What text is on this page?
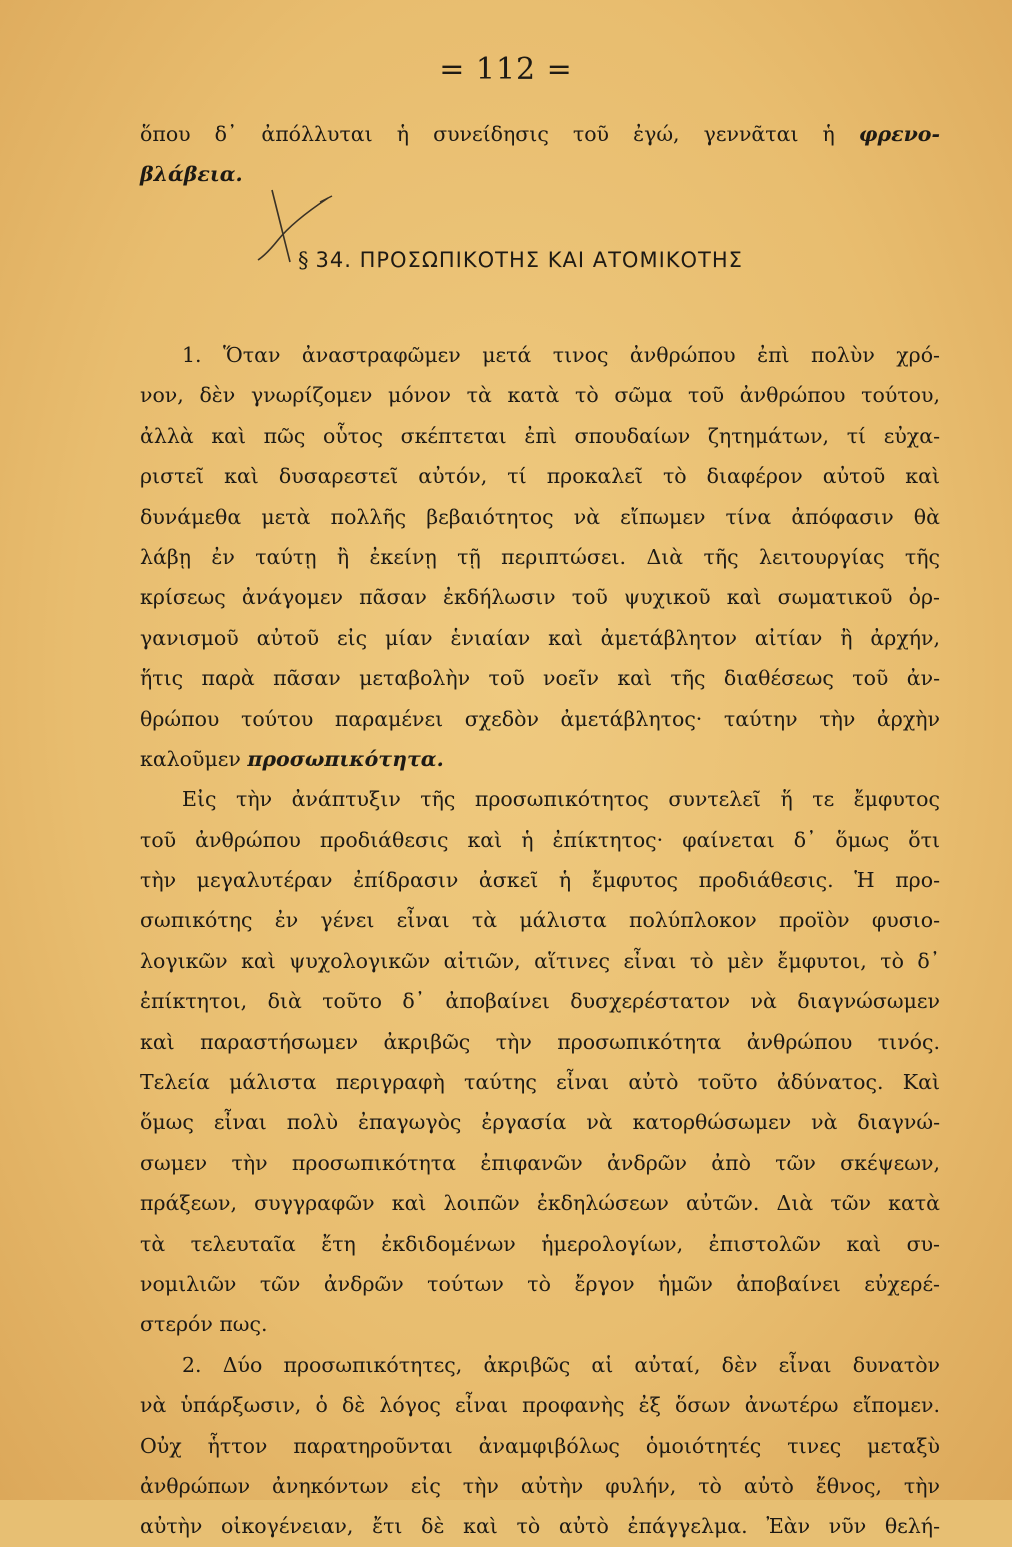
= 112 =
ὅπου δ᾽ ἀπόλλυται ἡ συνείδησις τοῦ ἐγώ, γεννᾶται ἡ φρενο-
βλάβεια.
§ 34. ΠΡΟΣΩΠΙΚΟΤΗΣ ΚΑΙ ΑΤΟΜΙΚΟΤΗΣ
1. Ὅταν ἀναστραφῶμεν μετά τινος ἀνθρώπου ἐπὶ πολὺν χρό-
νον, δὲν γνωρίζομεν μόνον τὰ κατὰ τὸ σῶμα τοῦ ἀνθρώπου τούτου,
ἀλλὰ καὶ πῶς οὗτος σκέπτεται ἐπὶ σπουδαίων ζητημάτων, τί εὐχα-
ριστεῖ καὶ δυσαρεστεῖ αὐτόν, τί προκαλεῖ τὸ διαφέρον αὐτοῦ καὶ
δυνάμεθα μετὰ πολλῆς βεβαιότητος νὰ εἴπωμεν τίνα ἀπόφασιν θὰ
λάβῃ ἐν ταύτῃ ἢ ἐκείνῃ τῇ περιπτώσει. Διὰ τῆς λειτουργίας τῆς
κρίσεως ἀνάγομεν πᾶσαν ἐκδήλωσιν τοῦ ψυχικοῦ καὶ σωματικοῦ ὀρ-
γανισμοῦ αὐτοῦ εἰς μίαν ἑνιαίαν καὶ ἀμετάβλητον αἰτίαν ἢ ἀρχήν,
ἥτις παρὰ πᾶσαν μεταβολὴν τοῦ νοεῖν καὶ τῆς διαθέσεως τοῦ ἀν-
θρώπου τούτου παραμένει σχεδὸν ἀμετάβλητος· ταύτην τὴν ἀρχὴν
καλοῦμεν προσωπικότητα.
Εἰς τὴν ἀνάπτυξιν τῆς προσωπικότητος συντελεῖ ἥ τε ἔμφυτος
τοῦ ἀνθρώπου προδιάθεσις καὶ ἡ ἐπίκτητος· φαίνεται δ᾽ ὅμως ὅτι
τὴν μεγαλυτέραν ἐπίδρασιν ἀσκεῖ ἡ ἔμφυτος προδιάθεσις. Ἡ προ-
σωπικότης ἐν γένει εἶναι τὰ μάλιστα πολύπλοκον προϊὸν φυσιο-
λογικῶν καὶ ψυχολογικῶν αἰτιῶν, αἵτινες εἶναι τὸ μὲν ἔμφυτοι, τὸ δ᾽
ἐπίκτητοι, διὰ τοῦτο δ᾽ ἀποβαίνει δυσχερέστατον νὰ διαγνώσωμεν
καὶ παραστήσωμεν ἀκριβῶς τὴν προσωπικότητα ἀνθρώπου τινός.
Τελεία μάλιστα περιγραφὴ ταύτης εἶναι αὐτὸ τοῦτο ἀδύνατος. Καὶ
ὅμως εἶναι πολὺ ἐπαγωγὸς ἐργασία νὰ κατορθώσωμεν νὰ διαγνώ-
σωμεν τὴν προσωπικότητα ἐπιφανῶν ἀνδρῶν ἀπὸ τῶν σκέψεων,
πράξεων, συγγραφῶν καὶ λοιπῶν ἐκδηλώσεων αὐτῶν. Διὰ τῶν κατὰ
τὰ τελευταῖα ἔτη ἐκδιδομένων ἡμερολογίων, ἐπιστολῶν καὶ συ-
νομιλιῶν τῶν ἀνδρῶν τούτων τὸ ἔργον ἡμῶν ἀποβαίνει εὐχερέ-
στερόν πως.
2. Δύο προσωπικότητες, ἀκριβῶς αἱ αὐταί, δὲν εἶναι δυνατὸν
νὰ ὑπάρξωσιν, ὁ δὲ λόγος εἶναι προφανὴς ἐξ ὅσων ἀνωτέρω εἴπομεν.
Οὐχ ἧττον παρατηροῦνται ἀναμφιβόλως ὁμοιότητές τινες μεταξὺ
ἀνθρώπων ἀνηκόντων εἰς τὴν αὐτὴν φυλήν, τὸ αὐτὸ ἔθνος, τὴν
αὐτὴν οἰκογένειαν, ἔτι δὲ καὶ τὸ αὐτὸ ἐπάγγελμα. Ἐὰν νῦν θελή-
